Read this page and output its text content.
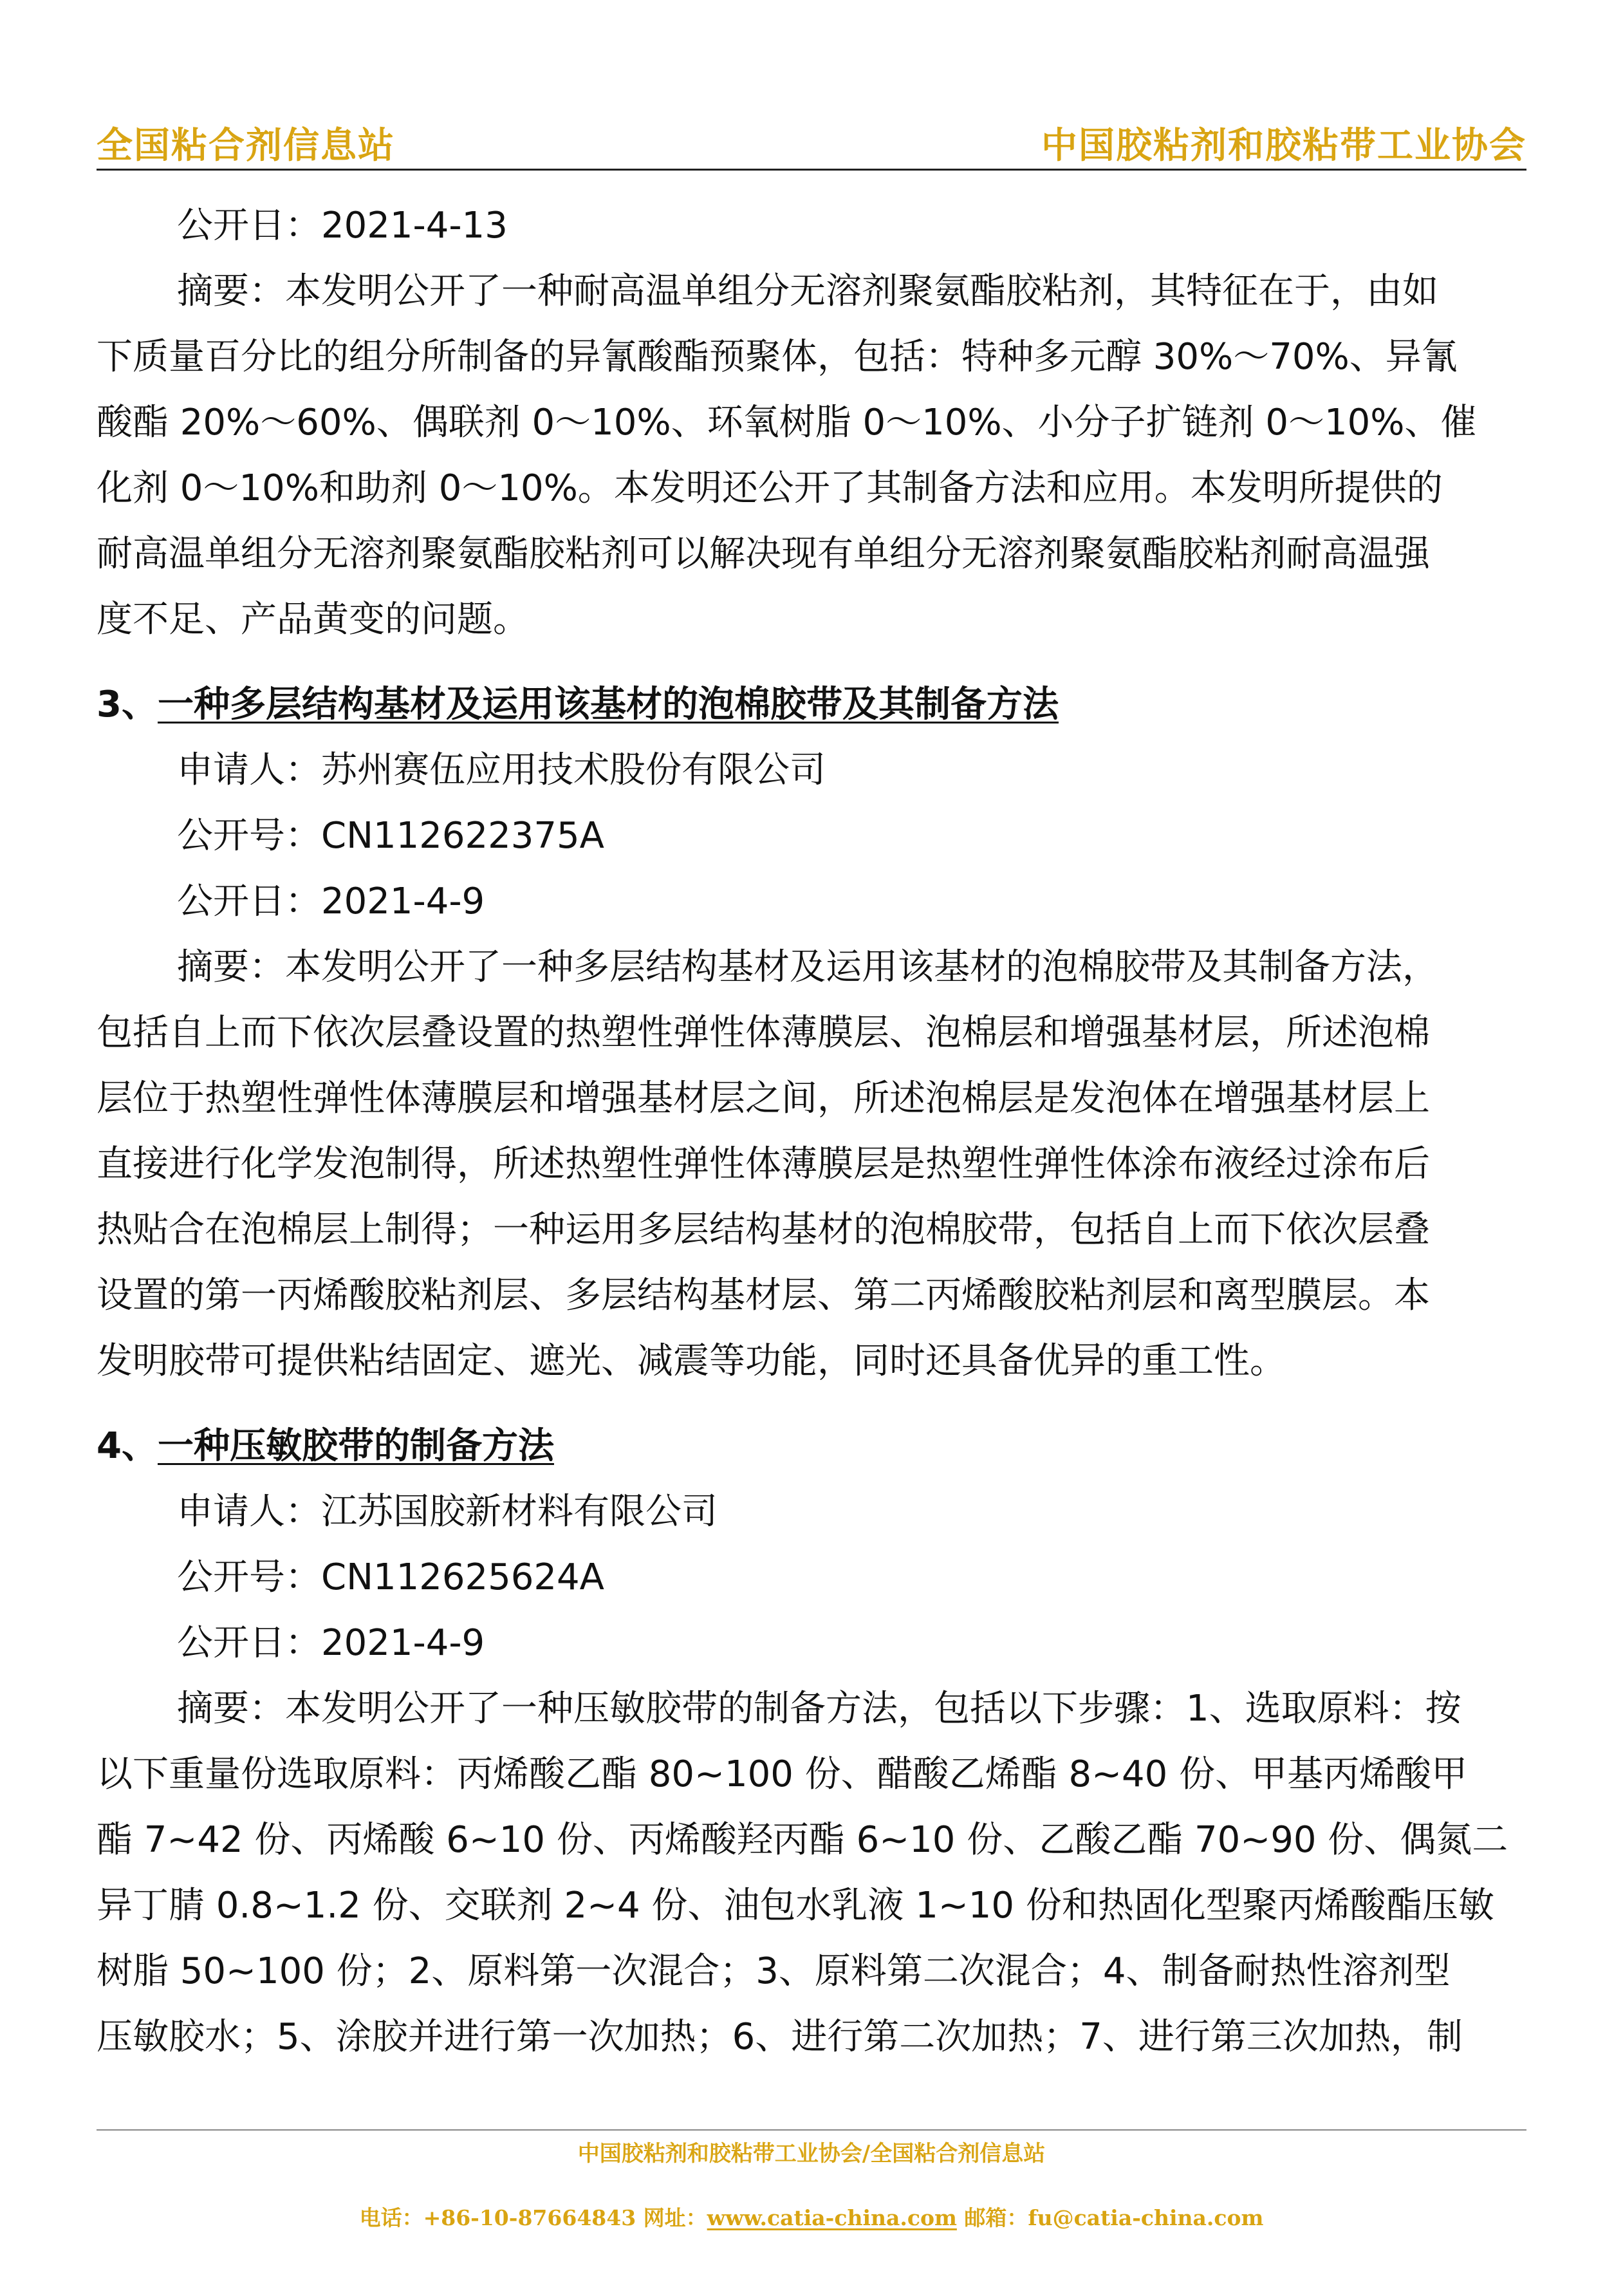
全国粘合剂信息站	中国胶粘剂和胶粘带工业协会
公开日：2021-4-13
摘要：本发明公开了一种耐高温单组分无溶剂聚氨酯胶粘剂，其特征在于，由如
下质量百分比的组分所制备的异氰酸酯预聚体，包括：特种多元醇 30%～70%、异氰
酸酯 20%～60%、偶联剂 0～10%、环氧树脂 0～10%、小分子扩链剂 0～10%、催
化剂 0～10%和助剂 0～10%。本发明还公开了其制备方法和应用。本发明所提供的
耐高温单组分无溶剂聚氨酯胶粘剂可以解决现有单组分无溶剂聚氨酯胶粘剂耐高温强
度不足、产品黄变的问题。
3、一种多层结构基材及运用该基材的泡棉胶带及其制备方法
申请人：苏州赛伍应用技术股份有限公司
公开号：CN112622375A
公开日：2021-4-9
摘要：本发明公开了一种多层结构基材及运用该基材的泡棉胶带及其制备方法，
包括自上而下依次层叠设置的热塑性弹性体薄膜层、泡棉层和增强基材层，所述泡棉
层位于热塑性弹性体薄膜层和增强基材层之间，所述泡棉层是发泡体在增强基材层上
直接进行化学发泡制得，所述热塑性弹性体薄膜层是热塑性弹性体涂布液经过涂布后
热贴合在泡棉层上制得；一种运用多层结构基材的泡棉胶带，包括自上而下依次层叠
设置的第一丙烯酸胶粘剂层、多层结构基材层、第二丙烯酸胶粘剂层和离型膜层。本
发明胶带可提供粘结固定、遮光、减震等功能，同时还具备优异的重工性。
4、一种压敏胶带的制备方法
申请人：江苏国胶新材料有限公司
公开号：CN112625624A
公开日：2021-4-9
摘要：本发明公开了一种压敏胶带的制备方法，包括以下步骤：1、选取原料：按
以下重量份选取原料：丙烯酸乙酯 80~100 份、醋酸乙烯酯 8~40 份、甲基丙烯酸甲
酯 7~42 份、丙烯酸 6~10 份、丙烯酸羟丙酯 6~10 份、乙酸乙酯 70~90 份、偶氮二
异丁腈 0.8~1.2 份、交联剂 2~4 份、油包水乳液 1~10 份和热固化型聚丙烯酸酯压敏
树脂 50~100 份；2、原料第一次混合；3、原料第二次混合；4、制备耐热性溶剂型
压敏胶水；5、涂胶并进行第一次加热；6、进行第二次加热；7、进行第三次加热，制
中国胶粘剂和胶粘带工业协会/全国粘合剂信息站
电话：+86-10-87664843 网址：www.catia-china.com 邮箱：fu@catia-china.com
